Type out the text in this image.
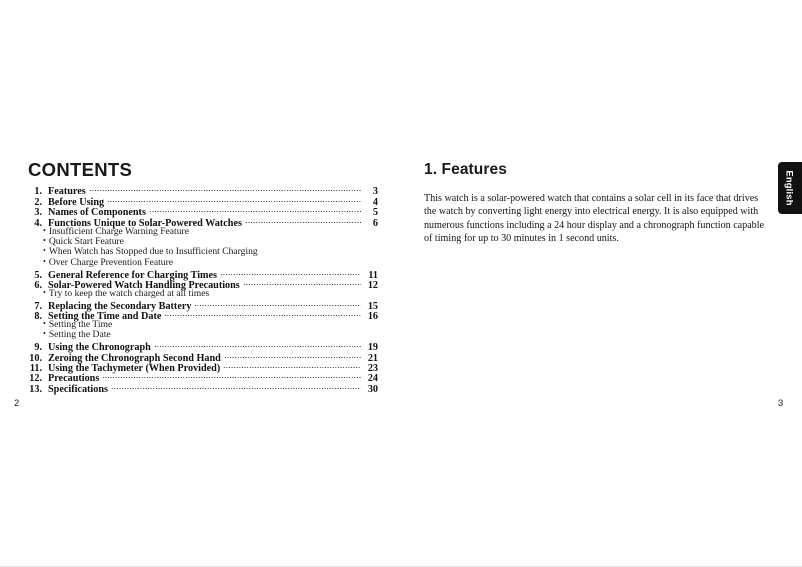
CONTENTS
1. Features	3
2. Before Using	4
3. Names of Components	5
4. Functions Unique to Solar-Powered Watches	6
• Insufficient Charge Warning Feature
• Quick Start Feature
• When Watch has Stopped due to Insufficient Charging
• Over Charge Prevention Feature
5. General Reference for Charging Times	11
6. Solar-Powered Watch Handling Precautions	12
• Try to keep the watch charged at all times
7. Replacing the Secondary Battery	15
8. Setting the Time and Date	16
• Setting the Time
• Setting the Date
9. Using the Chronograph	19
10. Zeroing the Chronograph Second Hand	21
11. Using the Tachymeter (When Provided)	23
12. Precautions	24
13. Specifications	30
2
1. Features
This watch is a solar-powered watch that contains a solar cell in its face that drives the watch by converting light energy into electrical energy. It is also equipped with numerous functions including a 24 hour display and a chronograph function capable of timing for up to 30 minutes in 1 second units.
English
3
